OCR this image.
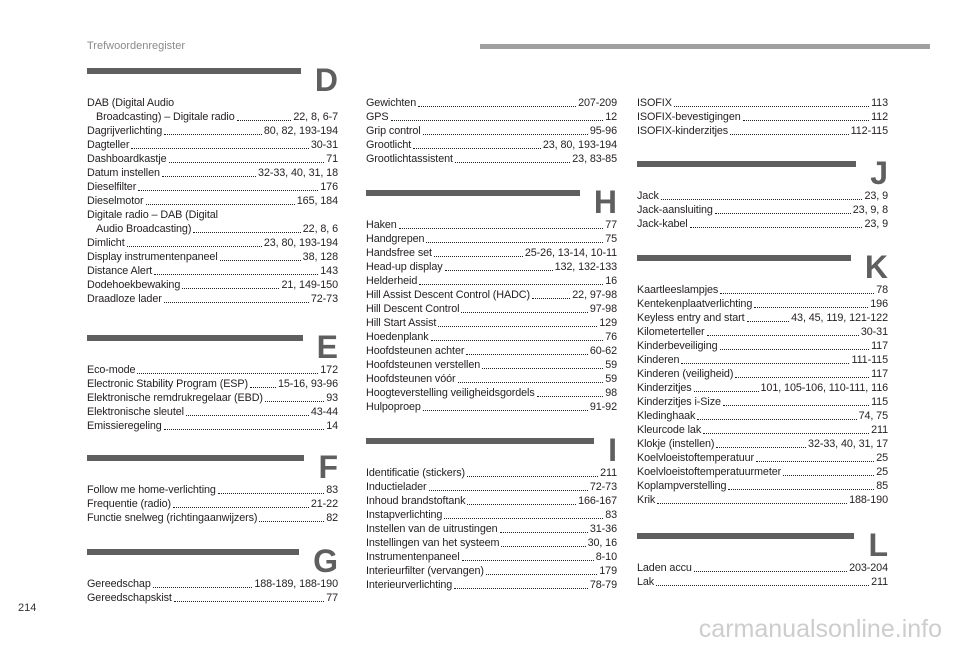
Trefwoordenregister
D
DAB (Digital Audio
Broadcasting) – Digitale radio	22, 8, 6-7
Dagrijverlichting	80, 82, 193-194
Dagteller	30-31
Dashboardkastje	71
Datum instellen	32-33, 40, 31, 18
Dieselfilter	176
Dieselmotor	165, 184
Digitale radio – DAB (Digital
Audio Broadcasting)	22, 8, 6
Dimlicht	23, 80, 193-194
Display instrumentenpaneel	38, 128
Distance Alert	143
Dodehoekbewaking	21, 149-150
Draadloze lader	72-73
E
Eco-mode	172
Electronic Stability Program (ESP)	15-16, 93-96
Elektronische remdrukregelaar (EBD)	93
Elektronische sleutel	43-44
Emissieregeling	14
F
Follow me home-verlichting	83
Frequentie (radio)	21-22
Functie snelweg (richtingaanwijzers)	82
G
Gereedschap	188-189, 188-190
Gereedschapskist	77
Gewichten	207-209
GPS	12
Grip control	95-96
Grootlicht	23, 80, 193-194
Grootlichtassistent	23, 83-85
H
Haken	77
Handgrepen	75
Handsfree set	25-26, 13-14, 10-11
Head-up display	132, 132-133
Helderheid	16
Hill Assist Descent Control (HADC)	22, 97-98
Hill Descent Control	97-98
Hill Start Assist	129
Hoedenplank	76
Hoofdsteunen achter	60-62
Hoofdsteunen verstellen	59
Hoofdsteunen vóór	59
Hoogteverstelling veiligheidsgordels	98
Hulpoproep	91-92
I
Identificatie (stickers)	211
Inductielader	72-73
Inhoud brandstoftank	166-167
Instapverlichting	83
Instellen van de uitrustingen	31-36
Instellingen van het systeem	30, 16
Instrumentenpaneel	8-10
Interieurfilter (vervangen)	179
Interieurverlichting	78-79
ISOFIX	113
ISOFIX-bevestigingen	112
ISOFIX-kinderzitjes	112-115
J
Jack	23, 9
Jack-aansluiting	23, 9, 8
Jack-kabel	23, 9
K
Kaartleeslampjes	78
Kentekenplaatverlichting	196
Keyless entry and start	43, 45, 119, 121-122
Kilometerteller	30-31
Kinderbeveiliging	117
Kinderen	111-115
Kinderen (veiligheid)	117
Kinderzitjes	101, 105-106, 110-111, 116
Kinderzitjes i-Size	115
Kledinghaak	74, 75
Kleurcode lak	211
Klokje (instellen)	32-33, 40, 31, 17
Koelvloeistoftemperatuur	25
Koelvloeistoftemperatuurmeter	25
Koplampverstelling	85
Krik	188-190
L
Laden accu	203-204
Lak	211
214
carmanualsonline.info
